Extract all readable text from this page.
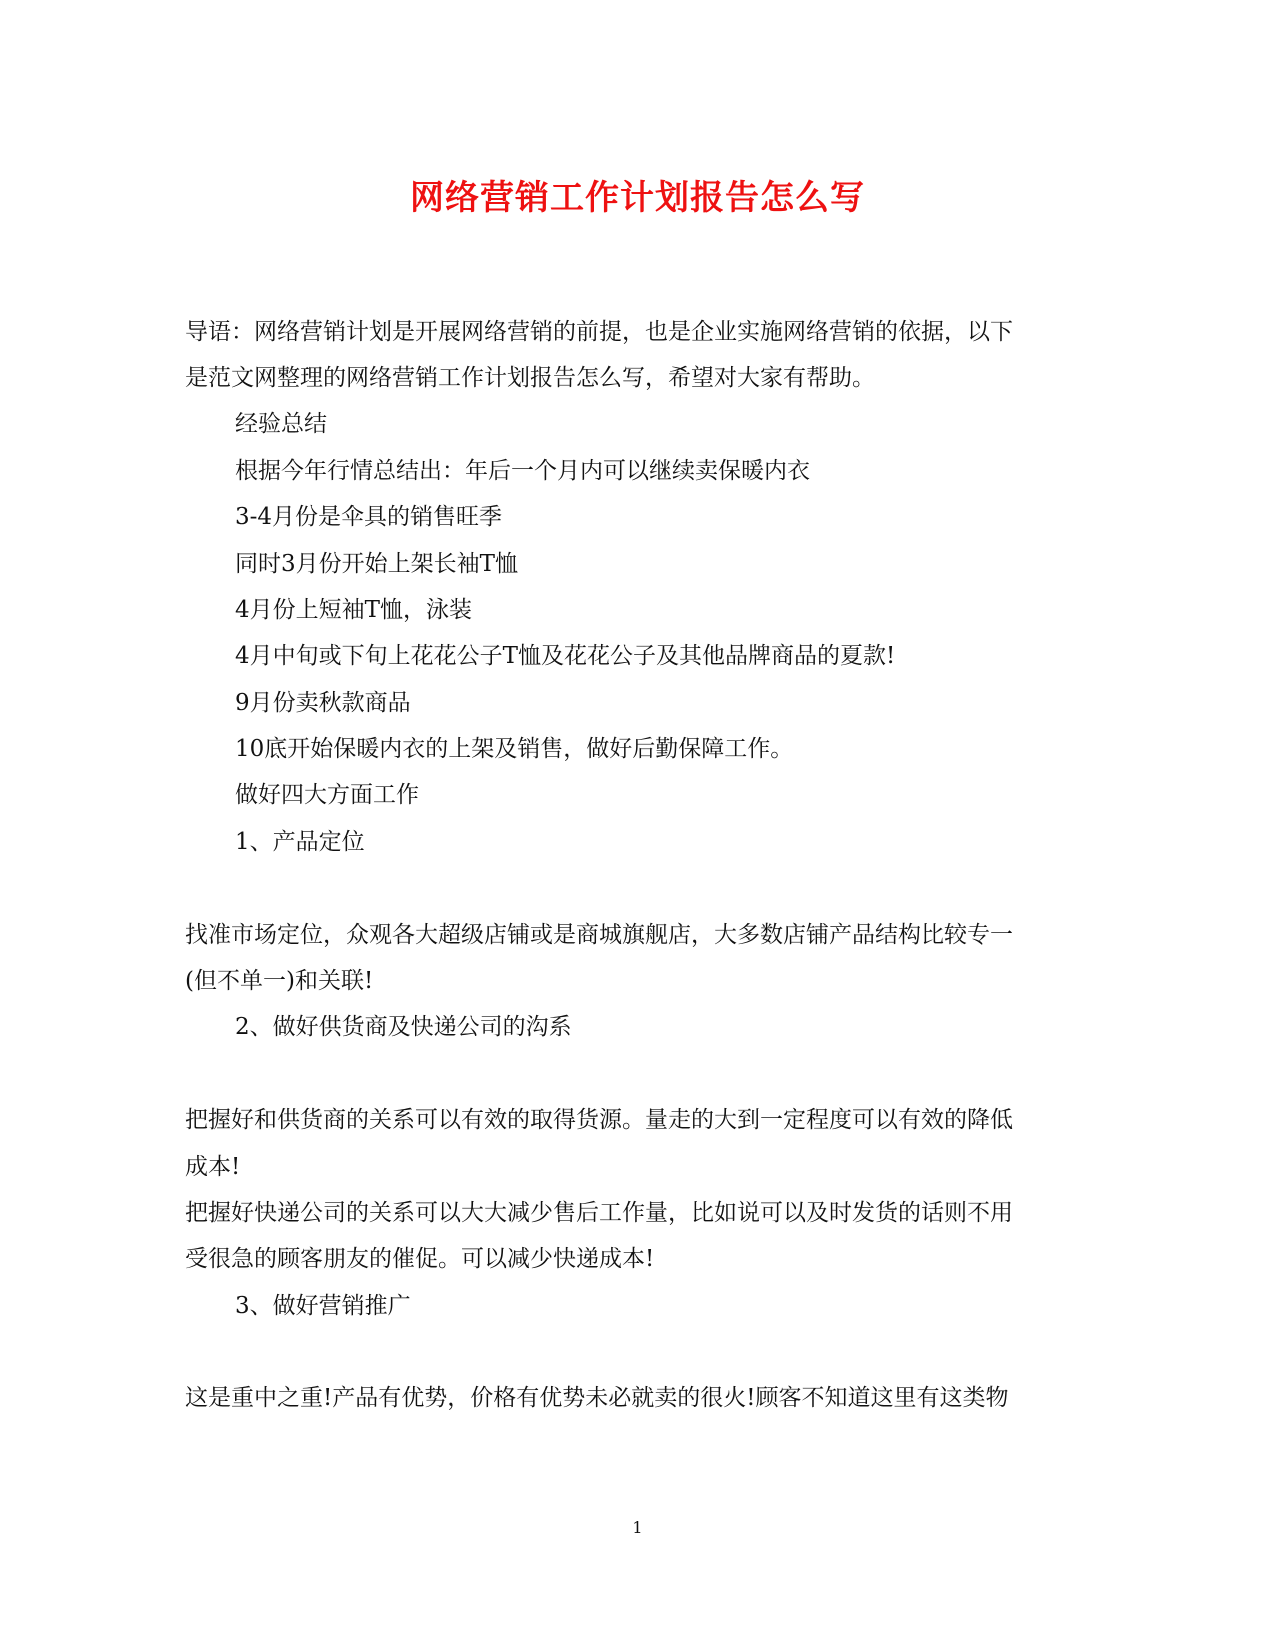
网络营销工作计划报告怎么写
导语：网络营销计划是开展网络营销的前提，也是企业实施网络营销的依据，以下
是范文网整理的网络营销工作计划报告怎么写，希望对大家有帮助。
经验总结
根据今年行情总结出：年后一个月内可以继续卖保暖内衣
3-4月份是伞具的销售旺季
同时3月份开始上架长袖T恤
4月份上短袖T恤，泳装
4月中旬或下旬上花花公子T恤及花花公子及其他品牌商品的夏款!
9月份卖秋款商品
10底开始保暖内衣的上架及销售，做好后勤保障工作。
做好四大方面工作
1、产品定位
找准市场定位，众观各大超级店铺或是商城旗舰店，大多数店铺产品结构比较专一
(但不单一)和关联!
2、做好供货商及快递公司的沟系
把握好和供货商的关系可以有效的取得货源。量走的大到一定程度可以有效的降低
成本!
把握好快递公司的关系可以大大减少售后工作量，比如说可以及时发货的话则不用
受很急的顾客朋友的催促。可以减少快递成本!
3、做好营销推广
这是重中之重!产品有优势，价格有优势未必就卖的很火!顾客不知道这里有这类物
1
